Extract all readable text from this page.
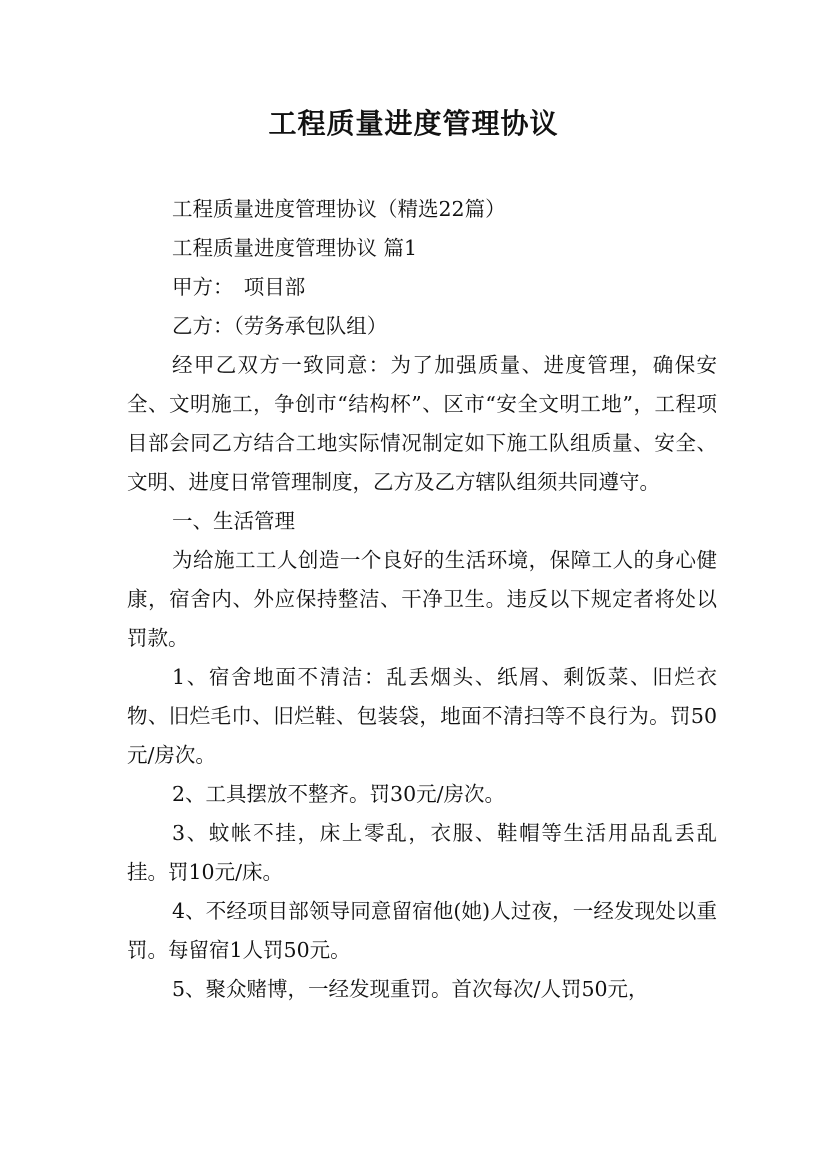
工程质量进度管理协议

工程质量进度管理协议（精选22篇）

工程质量进度管理协议 篇1

甲方：　项目部

乙方：（劳务承包队组）

经甲乙双方一致同意：为了加强质量、进度管理，确保安全、文明施工，争创市“结构杯”、区市“安全文明工地”，工程项目部会同乙方结合工地实际情况制定如下施工队组质量、安全、文明、进度日常管理制度，乙方及乙方辖队组须共同遵守。

一、生活管理

为给施工工人创造一个良好的生活环境，保障工人的身心健康，宿舍内、外应保持整洁、干净卫生。违反以下规定者将处以罚款。

1、宿舍地面不清洁：乱丢烟头、纸屑、剩饭菜、旧烂衣物、旧烂毛巾、旧烂鞋、包装袋，地面不清扫等不良行为。罚50元/房次。

2、工具摆放不整齐。罚30元/房次。

3、蚊帐不挂，床上零乱，衣服、鞋帽等生活用品乱丢乱挂。罚10元/床。

4、不经项目部领导同意留宿他(她)人过夜，一经发现处以重罚。每留宿1人罚50元。

5、聚众赌博，一经发现重罚。首次每次/人罚50元，
